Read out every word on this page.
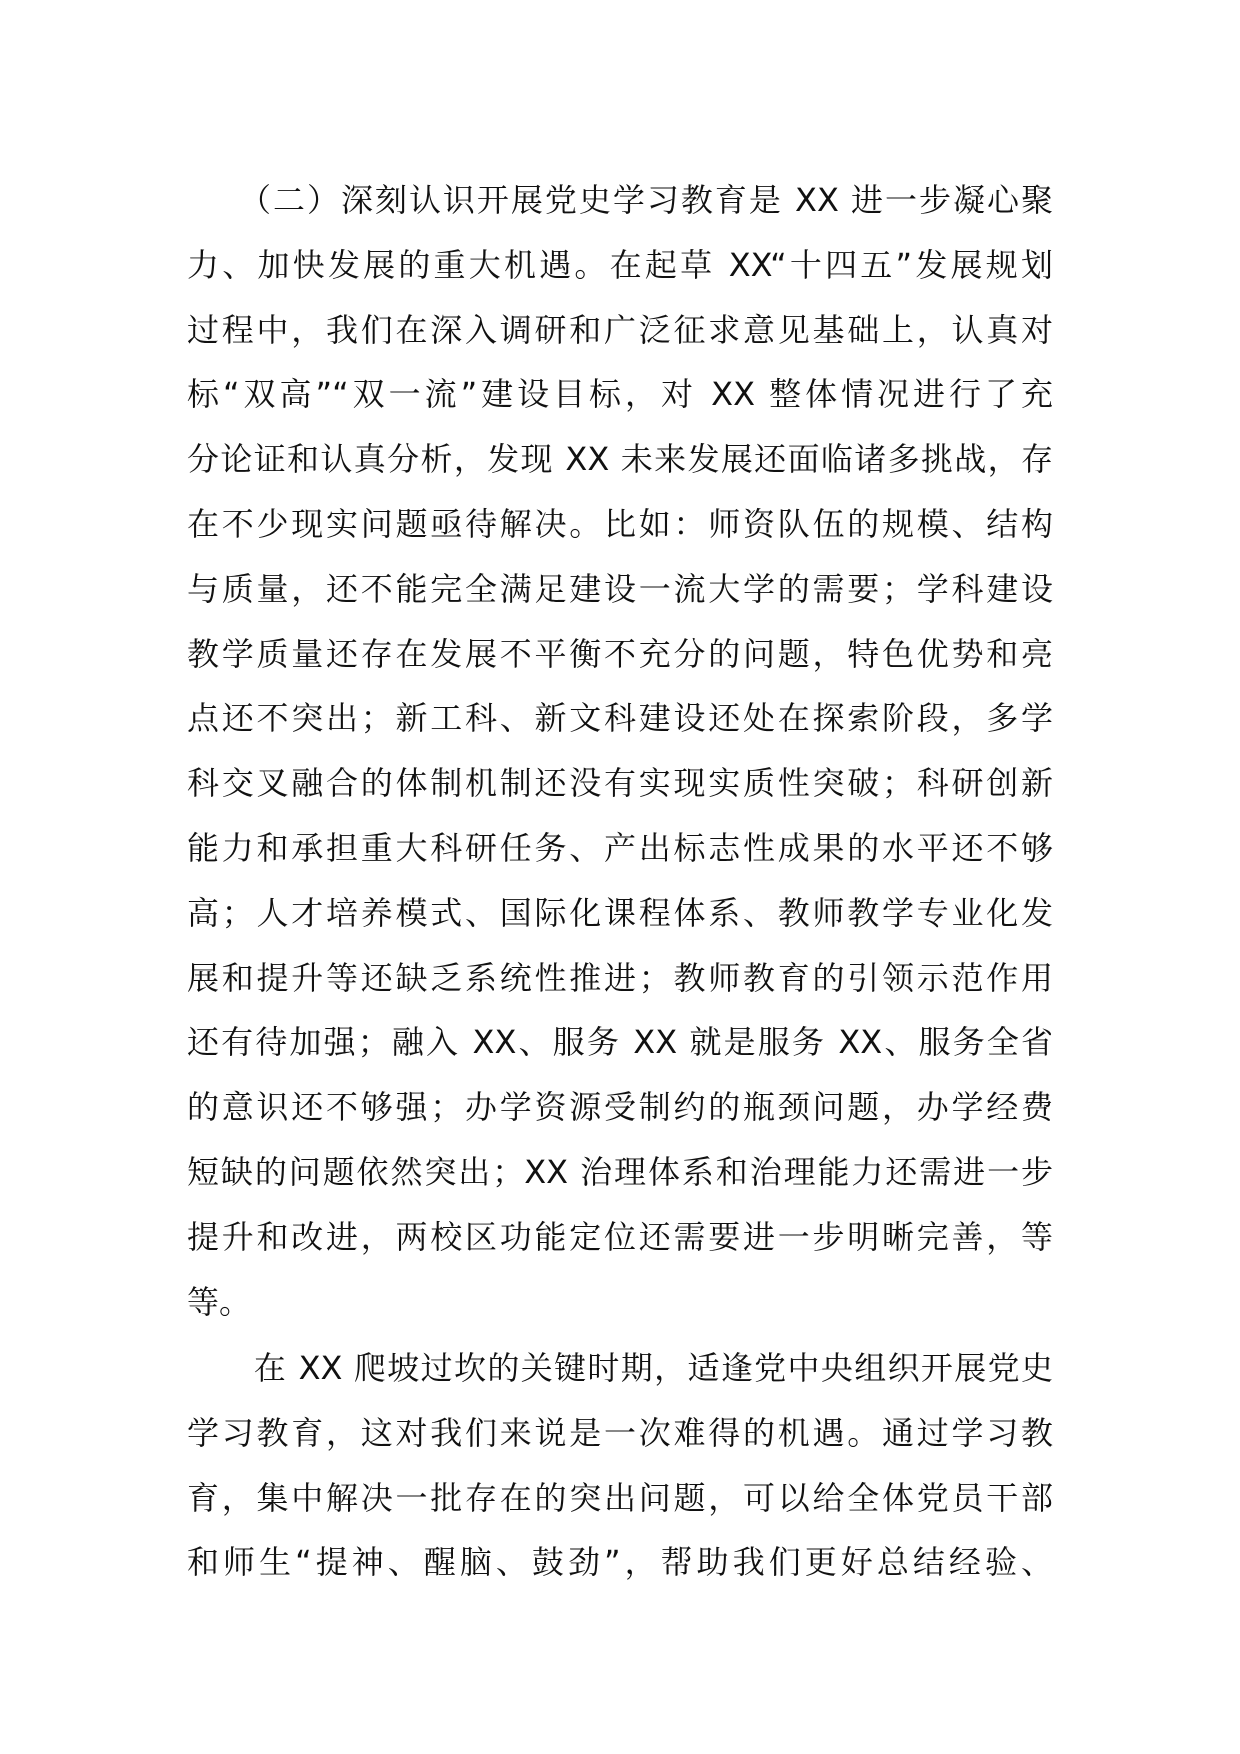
　　（二）深刻认识开展党史学习教育是 XX 进一步凝心聚
力、加快发展的重大机遇。在起草 XX“十四五”发展规划
过程中，我们在深入调研和广泛征求意见基础上，认真对
标“双高”“双一流”建设目标，对 XX 整体情况进行了充
分论证和认真分析，发现 XX 未来发展还面临诸多挑战，存
在不少现实问题亟待解决。比如：师资队伍的规模、结构
与质量，还不能完全满足建设一流大学的需要；学科建设
教学质量还存在发展不平衡不充分的问题，特色优势和亮
点还不突出；新工科、新文科建设还处在探索阶段，多学
科交叉融合的体制机制还没有实现实质性突破；科研创新
能力和承担重大科研任务、产出标志性成果的水平还不够
高；人才培养模式、国际化课程体系、教师教学专业化发
展和提升等还缺乏系统性推进；教师教育的引领示范作用
还有待加强；融入 XX、服务 XX 就是服务 XX、服务全省
的意识还不够强；办学资源受制约的瓶颈问题，办学经费
短缺的问题依然突出；XX 治理体系和治理能力还需进一步
提升和改进，两校区功能定位还需要进一步明晰完善，等
等。
　　在 XX 爬坡过坎的关键时期，适逢党中央组织开展党史
学习教育，这对我们来说是一次难得的机遇。通过学习教
育，集中解决一批存在的突出问题，可以给全体党员干部
和师生“提神、醒脑、鼓劲”，帮助我们更好总结经验、
